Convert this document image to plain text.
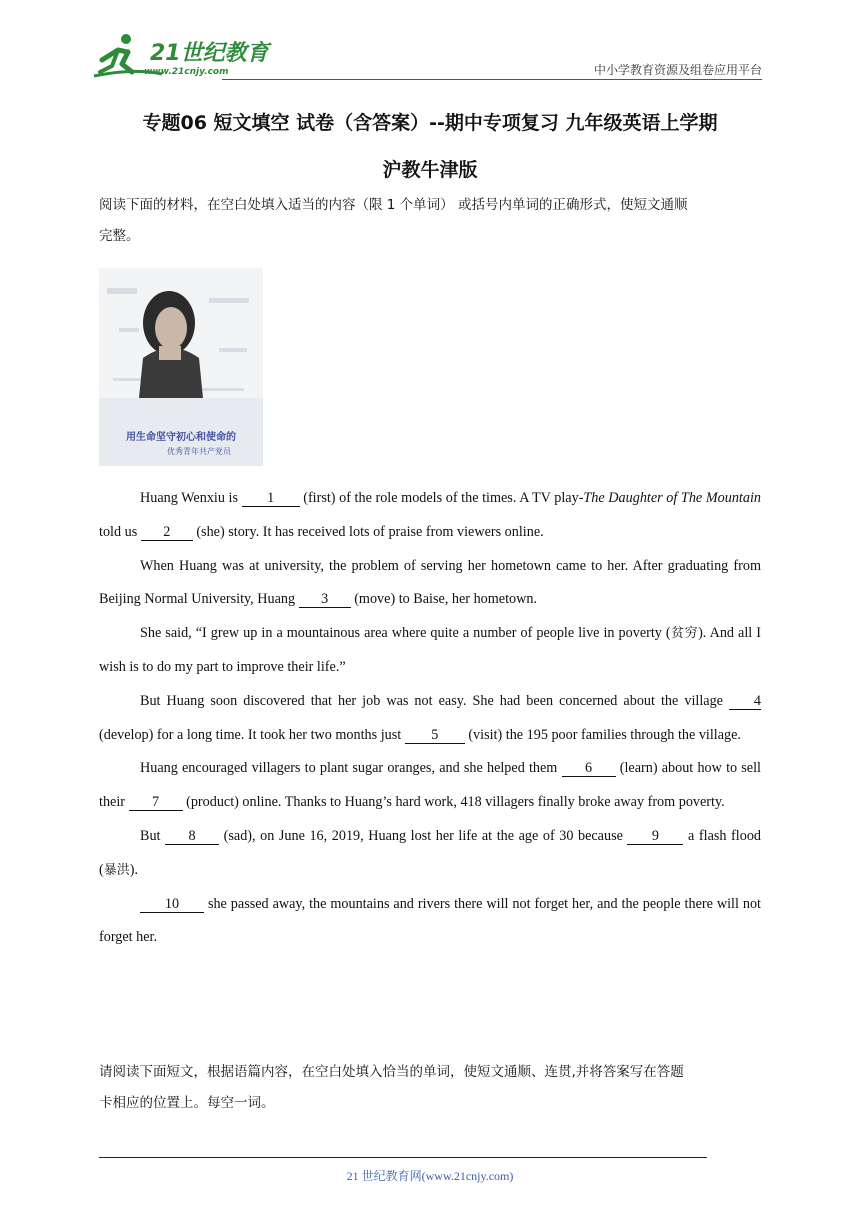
21世纪教育
www.21cnjy.com	中小学教育资源及组卷应用平台
专题06 短文填空 试卷（含答案）--期中专项复习 九年级英语上学期
沪教牛津版
阅读下面的材料，在空白处填入适当的内容（限 1 个单词） 或括号内单词的正确形式，使短文通顺
完整。
用生命坚守初心和使命的
优秀青年共产党员
Huang Wenxiu is 1 (first) of the role models of the times. A TV play-The Daughter of The Mountain told us 2 (she) story. It has received lots of praise from viewers online.
When Huang was at university, the problem of serving her hometown came to her. After graduating from Beijing Normal University, Huang 3 (move) to Baise, her hometown.
She said, “I grew up in a mountainous area where quite a number of people live in poverty (贫穷). And all I wish is to do my part to improve their life.”
But Huang soon discovered that her job was not easy. She had been concerned about the village 4 (develop) for a long time. It took her two months just 5 (visit) the 195 poor families through the village.
Huang encouraged villagers to plant sugar oranges, and she helped them 6 (learn) about how to sell their 7 (product) online. Thanks to Huang’s hard work, 418 villagers finally broke away from poverty.
But 8 (sad), on June 16, 2019, Huang lost her life at the age of 30 because 9 a flash flood (暴洪).
10 she passed away, the mountains and rivers there will not forget her, and the people there will not forget her.
请阅读下面短文，根据语篇内容，在空白处填入恰当的单词，使短文通顺、连贯,并将答案写在答题
卡相应的位置上。每空一词。
21 世纪教育网(www.21cnjy.com)
